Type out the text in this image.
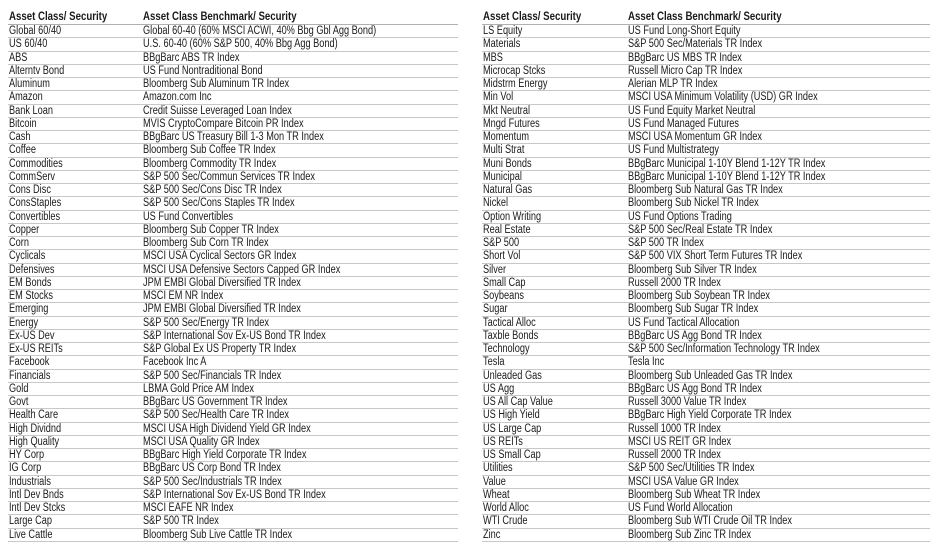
Asset Class/ Security	Asset Class Benchmark/ Security
Global 60/40	Global 60-40 (60% MSCI ACWI, 40% Bbg Gbl Agg Bond)
US 60/40	U.S. 60-40 (60% S&P 500, 40% Bbg Agg Bond)
ABS	BBgBarc ABS TR Index
Alterntv Bond	US Fund Nontraditional Bond
Aluminum	Bloomberg Sub Aluminum TR Index
Amazon	Amazon.com Inc
Bank Loan	Credit Suisse Leveraged Loan Index
Bitcoin	MVIS CryptoCompare Bitcoin PR Index
Cash	BBgBarc US Treasury Bill 1-3 Mon TR Index
Coffee	Bloomberg Sub Coffee TR Index
Commodities	Bloomberg Commodity TR Index
CommServ	S&P 500 Sec/Commun Services TR Index
Cons Disc	S&P 500 Sec/Cons Disc TR Index
ConsStaples	S&P 500 Sec/Cons Staples TR Index
Convertibles	US Fund Convertibles
Copper	Bloomberg Sub Copper TR Index
Corn	Bloomberg Sub Corn TR Index
Cyclicals	MSCI USA Cyclical Sectors GR Index
Defensives	MSCI USA Defensive Sectors Capped GR Index
EM Bonds	JPM EMBI Global Diversified TR Index
EM Stocks	MSCI EM NR Index
Emerging	JPM EMBI Global Diversified TR Index
Energy	S&P 500 Sec/Energy TR Index
Ex-US Dev	S&P International Sov Ex-US Bond TR Index
Ex-US REITs	S&P Global Ex US Property TR Index
Facebook	Facebook Inc A
Financials	S&P 500 Sec/Financials TR Index
Gold	LBMA Gold Price AM Index
Govt	BBgBarc US Government TR Index
Health Care	S&P 500 Sec/Health Care TR Index
High Dividnd	MSCI USA High Dividend Yield GR Index
High Quality	MSCI USA Quality GR Index
HY Corp	BBgBarc High Yield Corporate TR Index
IG Corp	BBgBarc US Corp Bond TR Index
Industrials	S&P 500 Sec/Industrials TR Index
Intl Dev Bnds	S&P International Sov Ex-US Bond TR Index
Intl Dev Stcks	MSCI EAFE NR Index
Large Cap	S&P 500 TR Index
Live Cattle	Bloomberg Sub Live Cattle TR Index
Asset Class/ Security	Asset Class Benchmark/ Security
LS Equity	US Fund Long-Short Equity
Materials	S&P 500 Sec/Materials TR Index
MBS	BBgBarc US MBS TR Index
Microcap Stcks	Russell Micro Cap TR Index
Midstrm Energy	Alerian MLP TR Index
Min Vol	MSCI USA Minimum Volatility (USD) GR Index
Mkt Neutral	US Fund Equity Market Neutral
Mngd Futures	US Fund Managed Futures
Momentum	MSCI USA Momentum GR Index
Multi Strat	US Fund Multistrategy
Muni Bonds	BBgBarc Municipal 1-10Y Blend 1-12Y TR Index
Municipal	BBgBarc Municipal 1-10Y Blend 1-12Y TR Index
Natural Gas	Bloomberg Sub Natural Gas TR Index
Nickel	Bloomberg Sub Nickel TR Index
Option Writing	US Fund Options Trading
Real Estate	S&P 500 Sec/Real Estate TR Index
S&P 500	S&P 500 TR Index
Short Vol	S&P 500 VIX Short Term Futures TR Index
Silver	Bloomberg Sub Silver TR Index
Small Cap	Russell 2000 TR Index
Soybeans	Bloomberg Sub Soybean TR Index
Sugar	Bloomberg Sub Sugar TR Index
Tactical Alloc	US Fund Tactical Allocation
Taxble Bonds	BBgBarc US Agg Bond TR Index
Technology	S&P 500 Sec/Information Technology TR Index
Tesla	Tesla Inc
Unleaded Gas	Bloomberg Sub Unleaded Gas TR Index
US Agg	BBgBarc US Agg Bond TR Index
US All Cap Value	Russell 3000 Value TR Index
US High Yield	BBgBarc High Yield Corporate TR Index
US Large Cap	Russell 1000 TR Index
US REITs	MSCI US REIT GR Index
US Small Cap	Russell 2000 TR Index
Utilities	S&P 500 Sec/Utilities TR Index
Value	MSCI USA Value GR Index
Wheat	Bloomberg Sub Wheat TR Index
World Alloc	US Fund World Allocation
WTI Crude	Bloomberg Sub WTI Crude Oil TR Index
Zinc	Bloomberg Sub Zinc TR Index
